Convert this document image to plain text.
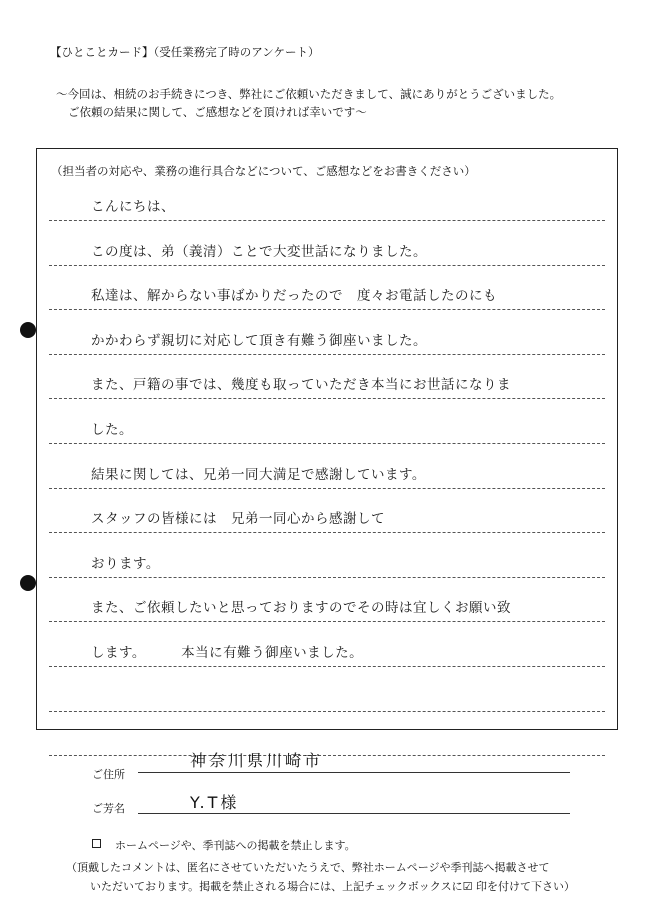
【ひとことカード】（受任業務完了時のアンケート）
～今回は、相続のお手続きにつき、弊社にご依頼いただきまして、誠にありがとうございました。
ご依頼の結果に関して、ご感想などを頂ければ幸いです～
（担当者の対応や、業務の進行具合などについて、ご感想などをお書きください）
こんにちは、
この度は、弟（義清）ことで大変世話になりました。
私達は、解からない事ばかりだったので　度々お電話したのにも
かかわらず親切に対応して頂き有難う御座いました。
また、戸籍の事では、幾度も取っていただき本当にお世話になりま
した。
結果に関しては、兄弟一同大満足で感謝しています。
スタッフの皆様には　兄弟一同心から感謝して
おります。
また、ご依頼したいと思っておりますのでその時は宜しくお願い致
します。　　　本当に有難う御座いました。
ご住所
神奈川県川崎市
ご芳名	Y.T様
ホームページや、季刊誌への掲載を禁止します。
（頂戴したコメントは、匿名にさせていただいたうえで、弊社ホームページや季刊誌へ掲載させて
いただいております。掲載を禁止される場合には、上記チェックボックスに☑ 印を付けて下さい）
